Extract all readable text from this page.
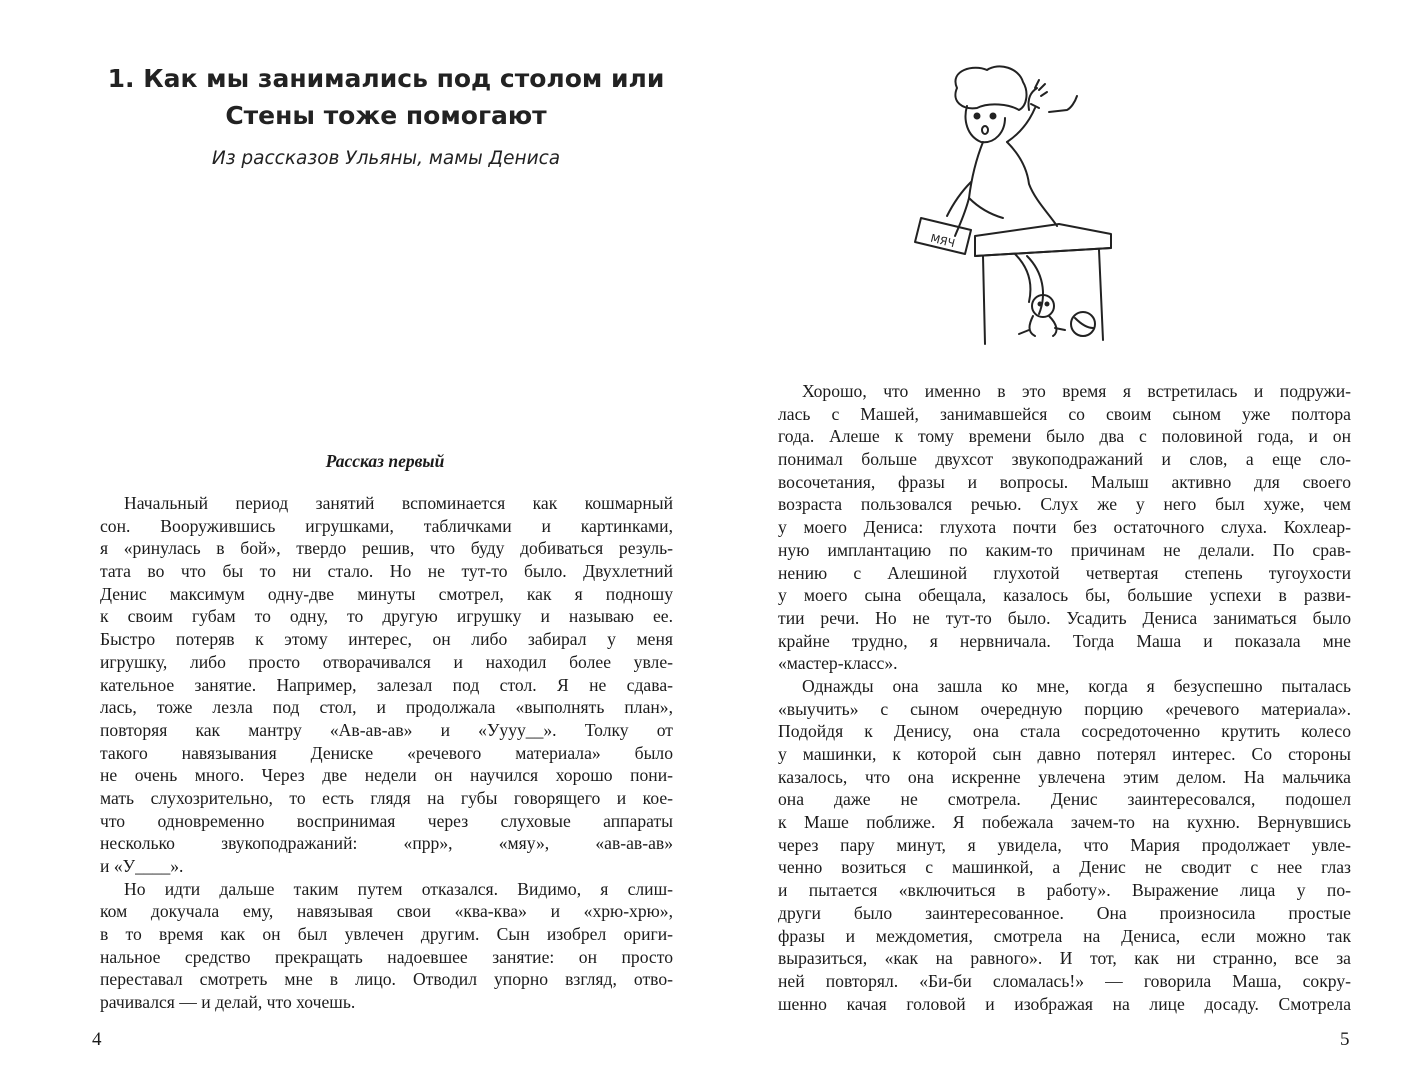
1. Как мы занимались под столом или
Стены тоже помогают
Из рассказов Ульяны, мамы Дениса
Рассказ первый
Начальный период занятий вспоминается как кошмарный
сон. Вооружившись игрушками, табличками и картинками,
я «ринулась в бой», твердо решив, что буду добиваться резуль-
тата во что бы то ни стало. Но не тут-то было. Двухлетний
Денис максимум одну-две минуты смотрел, как я подношу
к своим губам то одну, то другую игрушку и называю ее.
Быстро потеряв к этому интерес, он либо забирал у меня
игрушку, либо просто отворачивался и находил более увле-
кательное занятие. Например, залезал под стол. Я не сдава-
лась, тоже лезла под стол, и продолжала «выполнять план»,
повторяя как мантру «Ав-ав-ав» и «Уууу__». Толку от
такого навязывания Дениске «речевого материала» было
не очень много. Через две недели он научился хорошо пони-
мать слухозрительно, то есть глядя на губы говорящего и кое-
что одновременно воспринимая через слуховые аппараты
несколько звукоподражаний: «прр», «мяу», «ав-ав-ав»
и «У____».
Но идти дальше таким путем отказался. Видимо, я слиш-
ком докучала ему, навязывая свои «ква-ква» и «хрю-хрю»,
в то время как он был увлечен другим. Сын изобрел ориги-
нальное средство прекращать надоевшее занятие: он просто
переставал смотреть мне в лицо. Отводил упорно взгляд, отво-
рачивался — и делай, что хочешь.
4
МЯЧ
Хорошо, что именно в это время я встретилась и подружи-
лась с Машей, занимавшейся со своим сыном уже полтора
года. Алеше к тому времени было два с половиной года, и он
понимал больше двухсот звукоподражаний и слов, а еще сло-
восочетания, фразы и вопросы. Малыш активно для своего
возраста пользовался речью. Слух же у него был хуже, чем
у моего Дениса: глухота почти без остаточного слуха. Кохлеар-
ную имплантацию по каким-то причинам не делали. По срав-
нению с Алешиной глухотой четвертая степень тугоухости
у моего сына обещала, казалось бы, большие успехи в разви-
тии речи. Но не тут-то было. Усадить Дениса заниматься было
крайне трудно, я нервничала. Тогда Маша и показала мне
«мастер-класс».
Однажды она зашла ко мне, когда я безуспешно пыталась
«выучить» с сыном очередную порцию «речевого материала».
Подойдя к Денису, она стала сосредоточенно крутить колесо
у машинки, к которой сын давно потерял интерес. Со стороны
казалось, что она искренне увлечена этим делом. На мальчика
она даже не смотрела. Денис заинтересовался, подошел
к Маше поближе. Я побежала зачем-то на кухню. Вернувшись
через пару минут, я увидела, что Мария продолжает увле-
ченно возиться с машинкой, а Денис не сводит с нее глаз
и пытается «включиться в работу». Выражение лица у по-
други было заинтересованное. Она произносила простые
фразы и междометия, смотрела на Дениса, если можно так
выразиться, «как на равного». И тот, как ни странно, все за
ней повторял. «Би-би сломалась!» — говорила Маша, сокру-
шенно качая головой и изображая на лице досаду. Смотрела
5
